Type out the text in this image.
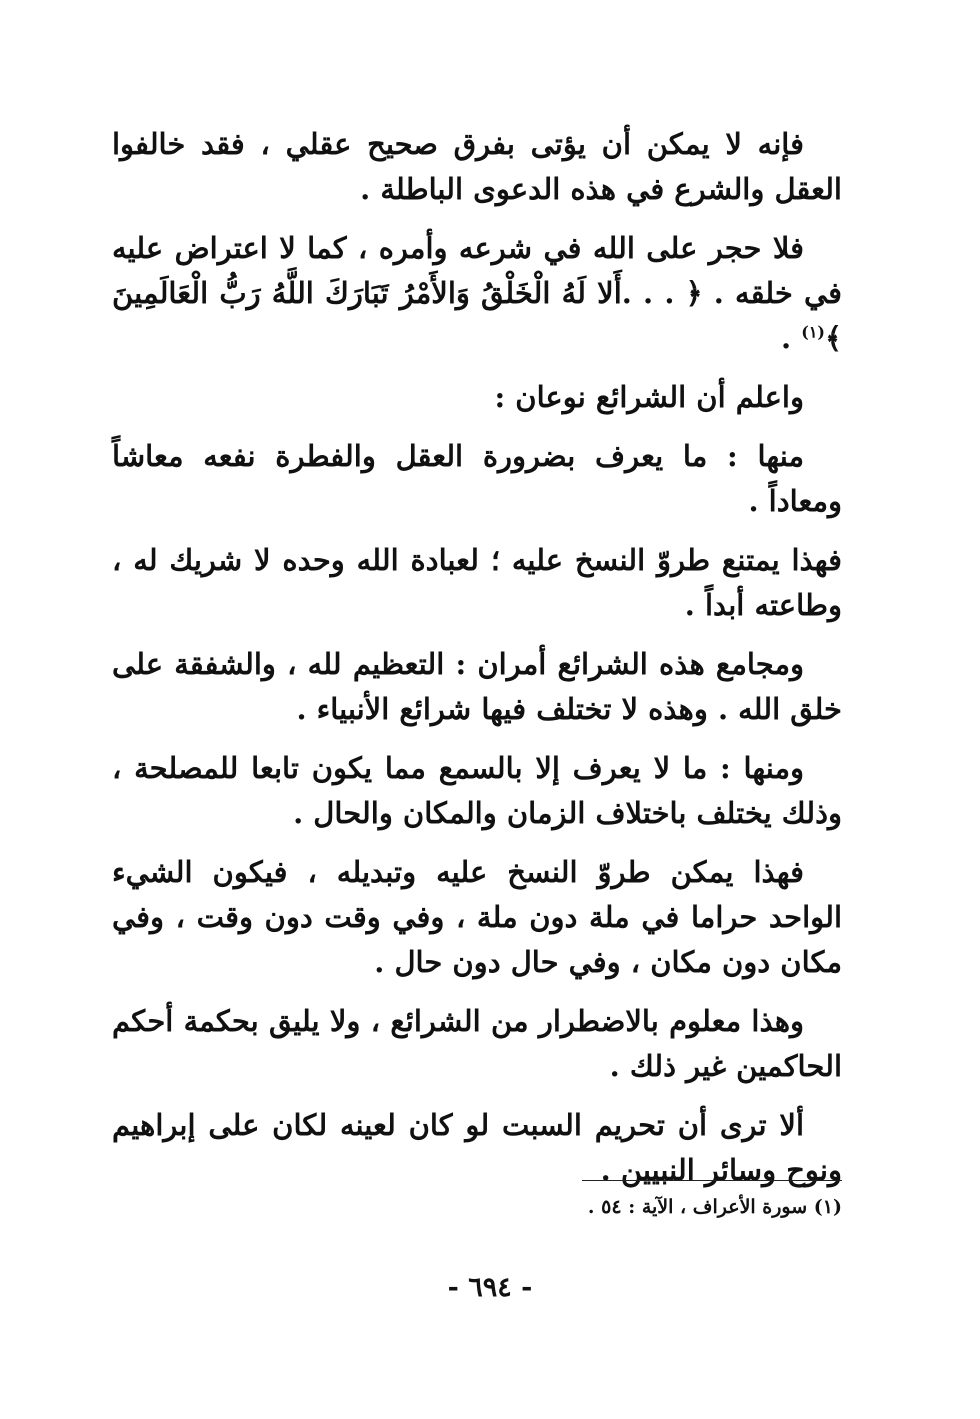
فإنه لا يمكن أن يؤتى بفرق صحيح عقلي ، فقد خالفوا العقل والشرع في هذه الدعوى الباطلة .

فلا حجر على الله في شرعه وأمره ، كما لا اعتراض عليه في خلقه . ﴿ . . .أَلا لَهُ الْخَلْقُ وَالأَمْرُ تَبَارَكَ اللَّهُ رَبُّ الْعَالَمِينَ ﴾$^{(١)}$ .

واعلم أن الشرائع نوعان :

منها : ما يعرف بضرورة العقل والفطرة نفعه معاشاً ومعاداً .

فهذا يمتنع طروّ النسخ عليه ؛ لعبادة الله وحده لا شريك له ، وطاعته أبداً .

ومجامع هذه الشرائع أمران : التعظيم لله ، والشفقة على خلق الله . وهذه لا تختلف فيها شرائع الأنبياء .

ومنها : ما لا يعرف إلا بالسمع مما يكون تابعا للمصلحة ، وذلك يختلف باختلاف الزمان والمكان والحال .

فهذا يمكن طروّ النسخ عليه وتبديله ، فيكون الشيء الواحد حراما في ملة دون ملة ، وفي وقت دون وقت ، وفي مكان دون مكان ، وفي حال دون حال .

وهذا معلوم بالاضطرار من الشرائع ، ولا يليق بحكمة أحكم الحاكمين غير ذلك .

ألا ترى أن تحريم السبت لو كان لعينه لكان على إبراهيم ونوح وسائر النبيين .

(١) سورة الأعراف ، الآية : ٥٤ .
- ٦٩٤ -
